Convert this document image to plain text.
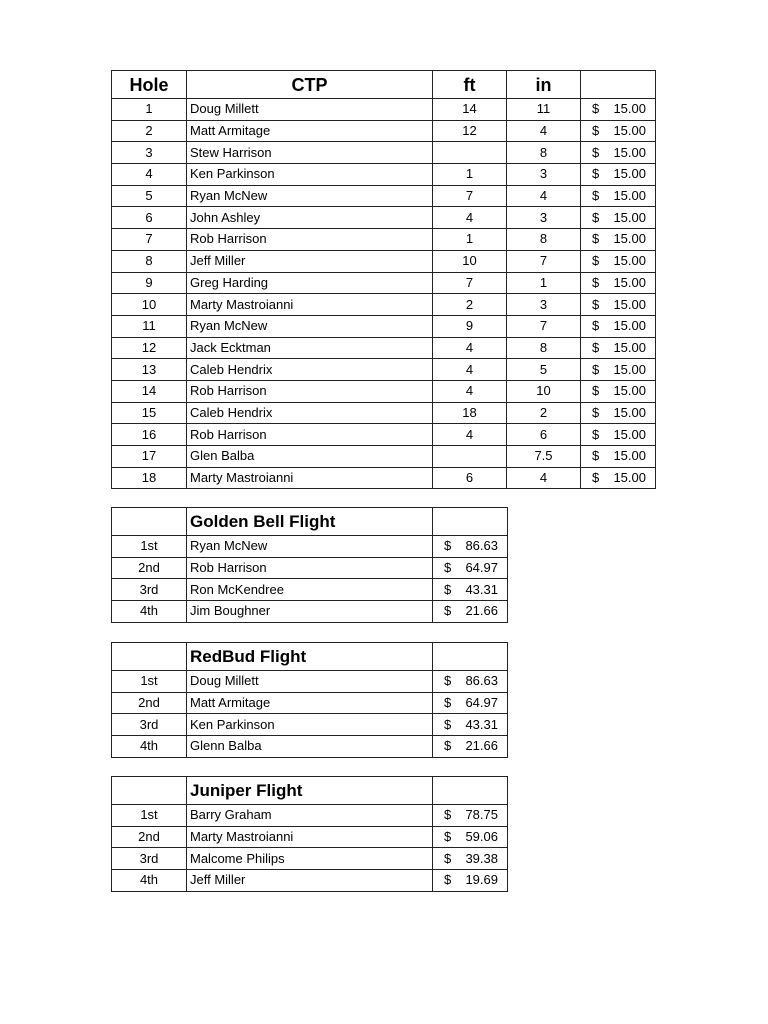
Hole	CTP	ft	in	
1	Doug Millett	14	11	$ 15.00

2	Matt Armitage	12	4	$ 15.00

3	Stew Harrison		8	$ 15.00

4	Ken Parkinson	1	3	$ 15.00

5	Ryan McNew	7	4	$ 15.00

6	John Ashley	4	3	$ 15.00

7	Rob Harrison	1	8	$ 15.00

8	Jeff Miller	10	7	$ 15.00

9	Greg Harding	7	1	$ 15.00

10	Marty Mastroianni	2	3	$ 15.00

11	Ryan McNew	9	7	$ 15.00

12	Jack Ecktman	4	8	$ 15.00

13	Caleb Hendrix	4	5	$ 15.00

14	Rob Harrison	4	10	$ 15.00

15	Caleb Hendrix	18	2	$ 15.00

16	Rob Harrison	4	6	$ 15.00

17	Glen Balba		7.5	$ 15.00

18	Marty Mastroianni	6	4	$ 15.00
	Golden Bell Flight	
1st	Ryan McNew	$ 86.63

2nd	Rob Harrison	$ 64.97

3rd	Ron McKendree	$ 43.31

4th	Jim Boughner	$ 21.66
	RedBud Flight	
1st	Doug Millett	$ 86.63

2nd	Matt Armitage	$ 64.97

3rd	Ken Parkinson	$ 43.31

4th	Glenn Balba	$ 21.66
	Juniper Flight	
1st	Barry Graham	$ 78.75

2nd	Marty Mastroianni	$ 59.06

3rd	Malcome Philips	$ 39.38

4th	Jeff Miller	$ 19.69
